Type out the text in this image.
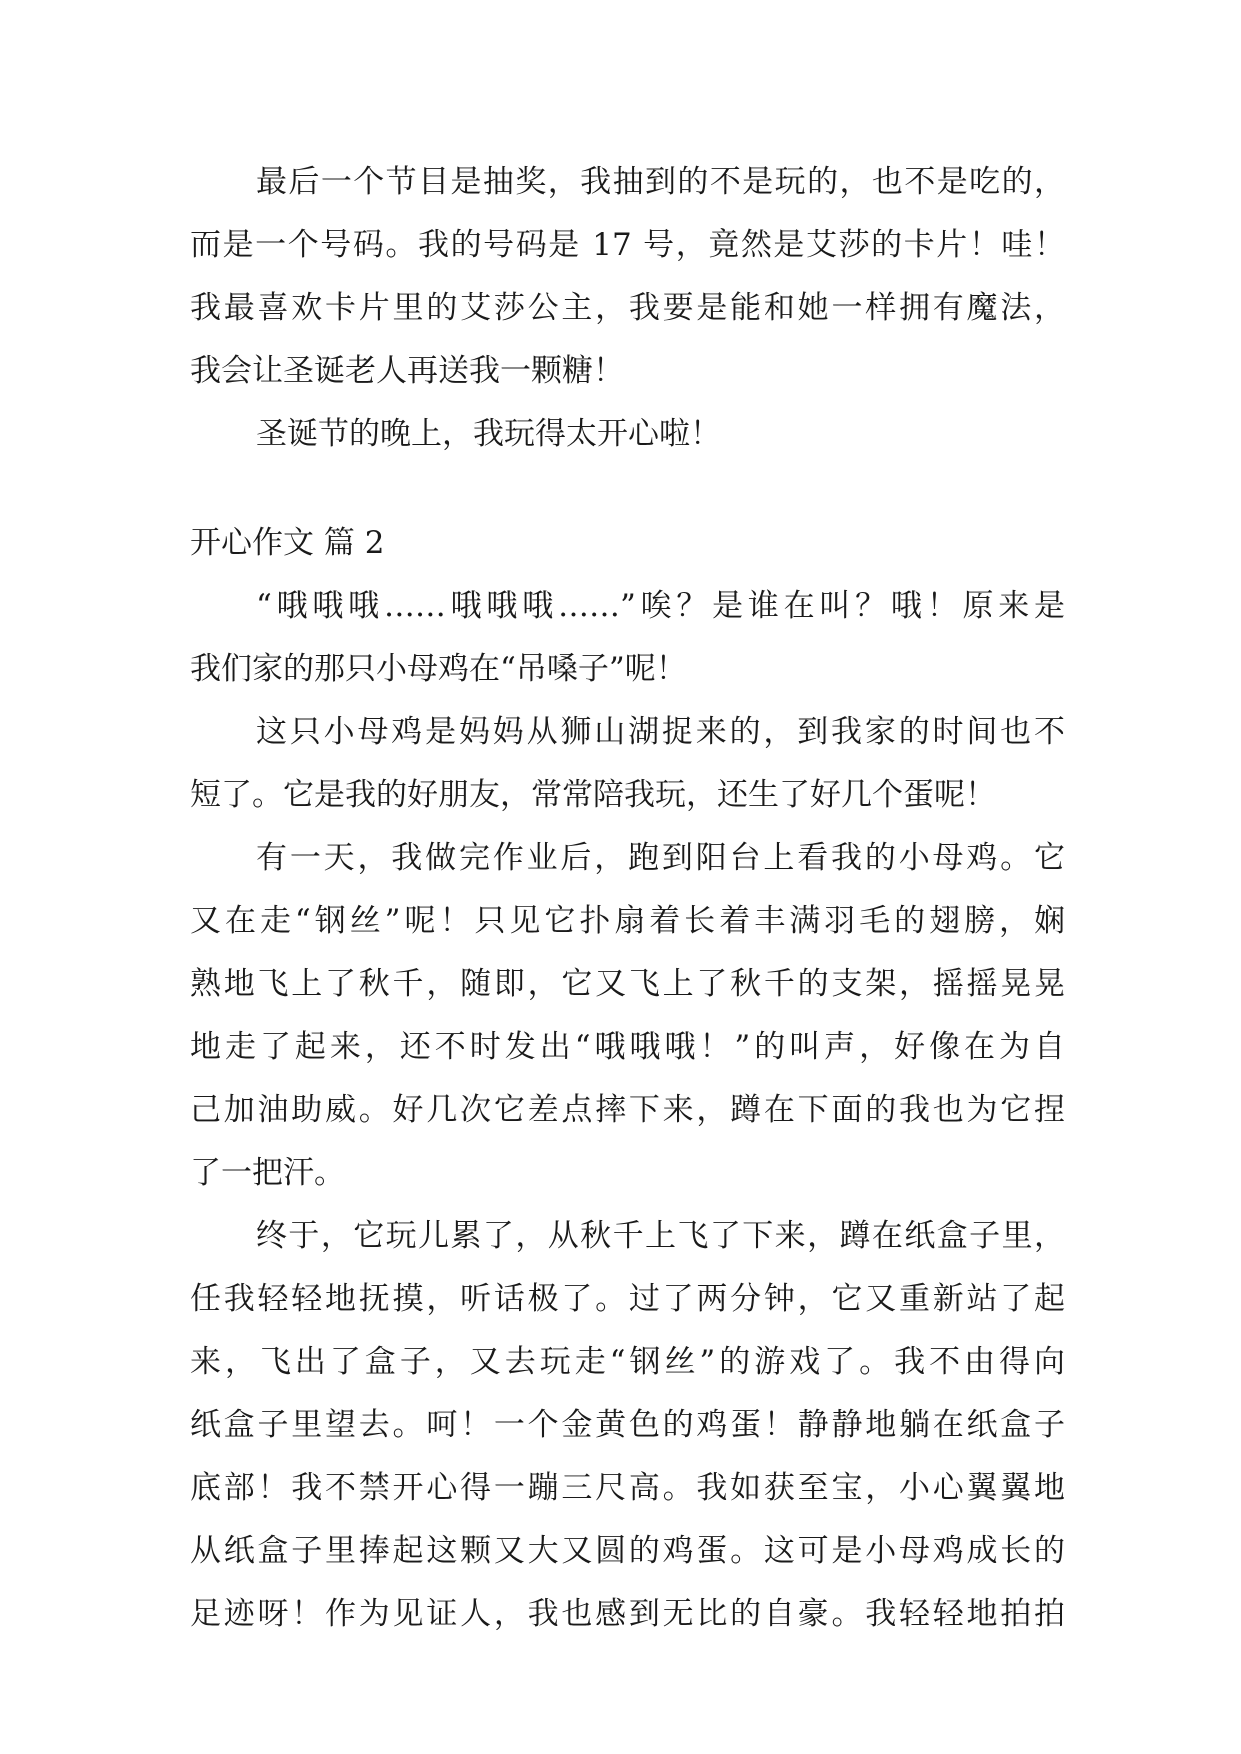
最后一个节目是抽奖，我抽到的不是玩的，也不是吃的，
而是一个号码。我的号码是 17 号，竟然是艾莎的卡片！哇！
我最喜欢卡片里的艾莎公主，我要是能和她一样拥有魔法，
我会让圣诞老人再送我一颗糖！
圣诞节的晚上，我玩得太开心啦！
开心作文 篇 2
“哦哦哦……哦哦哦……”唉？是谁在叫？哦！原来是
我们家的那只小母鸡在“吊嗓子”呢！
这只小母鸡是妈妈从狮山湖捉来的，到我家的时间也不
短了。它是我的好朋友，常常陪我玩，还生了好几个蛋呢！
有一天，我做完作业后，跑到阳台上看我的小母鸡。它
又在走“钢丝”呢！只见它扑扇着长着丰满羽毛的翅膀，娴
熟地飞上了秋千，随即，它又飞上了秋千的支架，摇摇晃晃
地走了起来，还不时发出“哦哦哦！”的叫声，好像在为自
己加油助威。好几次它差点摔下来，蹲在下面的我也为它捏
了一把汗。
终于，它玩儿累了，从秋千上飞了下来，蹲在纸盒子里，
任我轻轻地抚摸，听话极了。过了两分钟，它又重新站了起
来，飞出了盒子，又去玩走“钢丝”的游戏了。我不由得向
纸盒子里望去。呵！一个金黄色的鸡蛋！静静地躺在纸盒子
底部！我不禁开心得一蹦三尺高。我如获至宝，小心翼翼地
从纸盒子里捧起这颗又大又圆的鸡蛋。这可是小母鸡成长的
足迹呀！作为见证人，我也感到无比的自豪。我轻轻地拍拍
